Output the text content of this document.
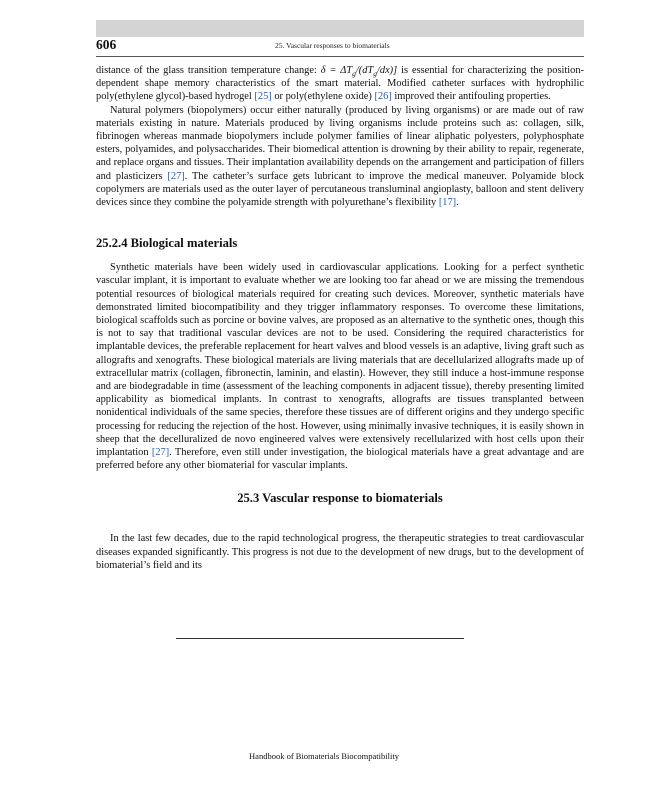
606	25. Vascular responses to biomaterials

distance of the glass transition temperature change: $\delta = \Delta T_g/(dT_g/dx)$] is essential for characterizing the position-dependent shape memory characteristics of the smart material. Modified catheter surfaces with hydrophilic poly(ethylene glycol)-based hydrogel [25] or poly(ethylene oxide) [26] improved their antifouling properties.

Natural polymers (biopolymers) occur either naturally (produced by living organisms) or are made out of raw materials existing in nature. Materials produced by living organisms include proteins such as: collagen, silk, fibrinogen whereas manmade biopolymers include polymer families of linear aliphatic polyesters, polyphosphate esters, polyamides, and polysaccharides. Their biomedical attention is drowning by their ability to repair, regenerate, and replace organs and tissues. Their implantation availability depends on the arrangement and participation of fillers and plasticizers [27]. The catheter’s surface gets lubricant to improve the medical maneuver. Polyamide block copolymers are materials used as the outer layer of percutaneous transluminal angioplasty, balloon and stent delivery devices since they combine the polyamide strength with polyurethane’s flexibility [17].

25.2.4 Biological materials

Synthetic materials have been widely used in cardiovascular applications. Looking for a perfect synthetic vascular implant, it is important to evaluate whether we are looking too far ahead or we are missing the tremendous potential resources of biological materials required for creating such devices. Moreover, synthetic materials have demonstrated limited biocompatibility and they trigger inflammatory responses. To overcome these limitations, biological scaffolds such as porcine or bovine valves, are proposed as an alternative to the synthetic ones, though this is not to say that traditional vascular devices are not to be used. Considering the required characteristics for implantable devices, the preferable replacement for heart valves and blood vessels is an adaptive, living graft such as allografts and xenografts. These biological materials are living materials that are decellularized allografts made up of extracellular matrix (collagen, fibronectin, laminin, and elastin). However, they still induce a host-immune response and are biodegradable in time (assessment of the leaching components in adjacent tissue), thereby presenting limited applicability as biomedical implants. In contrast to xenografts, allografts are tissues transplanted between nonidentical individuals of the same species, therefore these tissues are of different origins and they undergo specific processing for reducing the rejection of the host. However, using minimally invasive techniques, it is easily shown in sheep that the decelluralized de novo engineered valves were extensively recellularized with host cells upon their implantation [27]. Therefore, even still under investigation, the biological materials have a great advantage and are preferred before any other biomaterial for vascular implants.

25.3 Vascular response to biomaterials

In the last few decades, due to the rapid technological progress, the therapeutic strategies to treat cardiovascular diseases expanded significantly. This progress is not due to the development of new drugs, but to the development of biomaterial’s field and its

Handbook of Biomaterials Biocompatibility
